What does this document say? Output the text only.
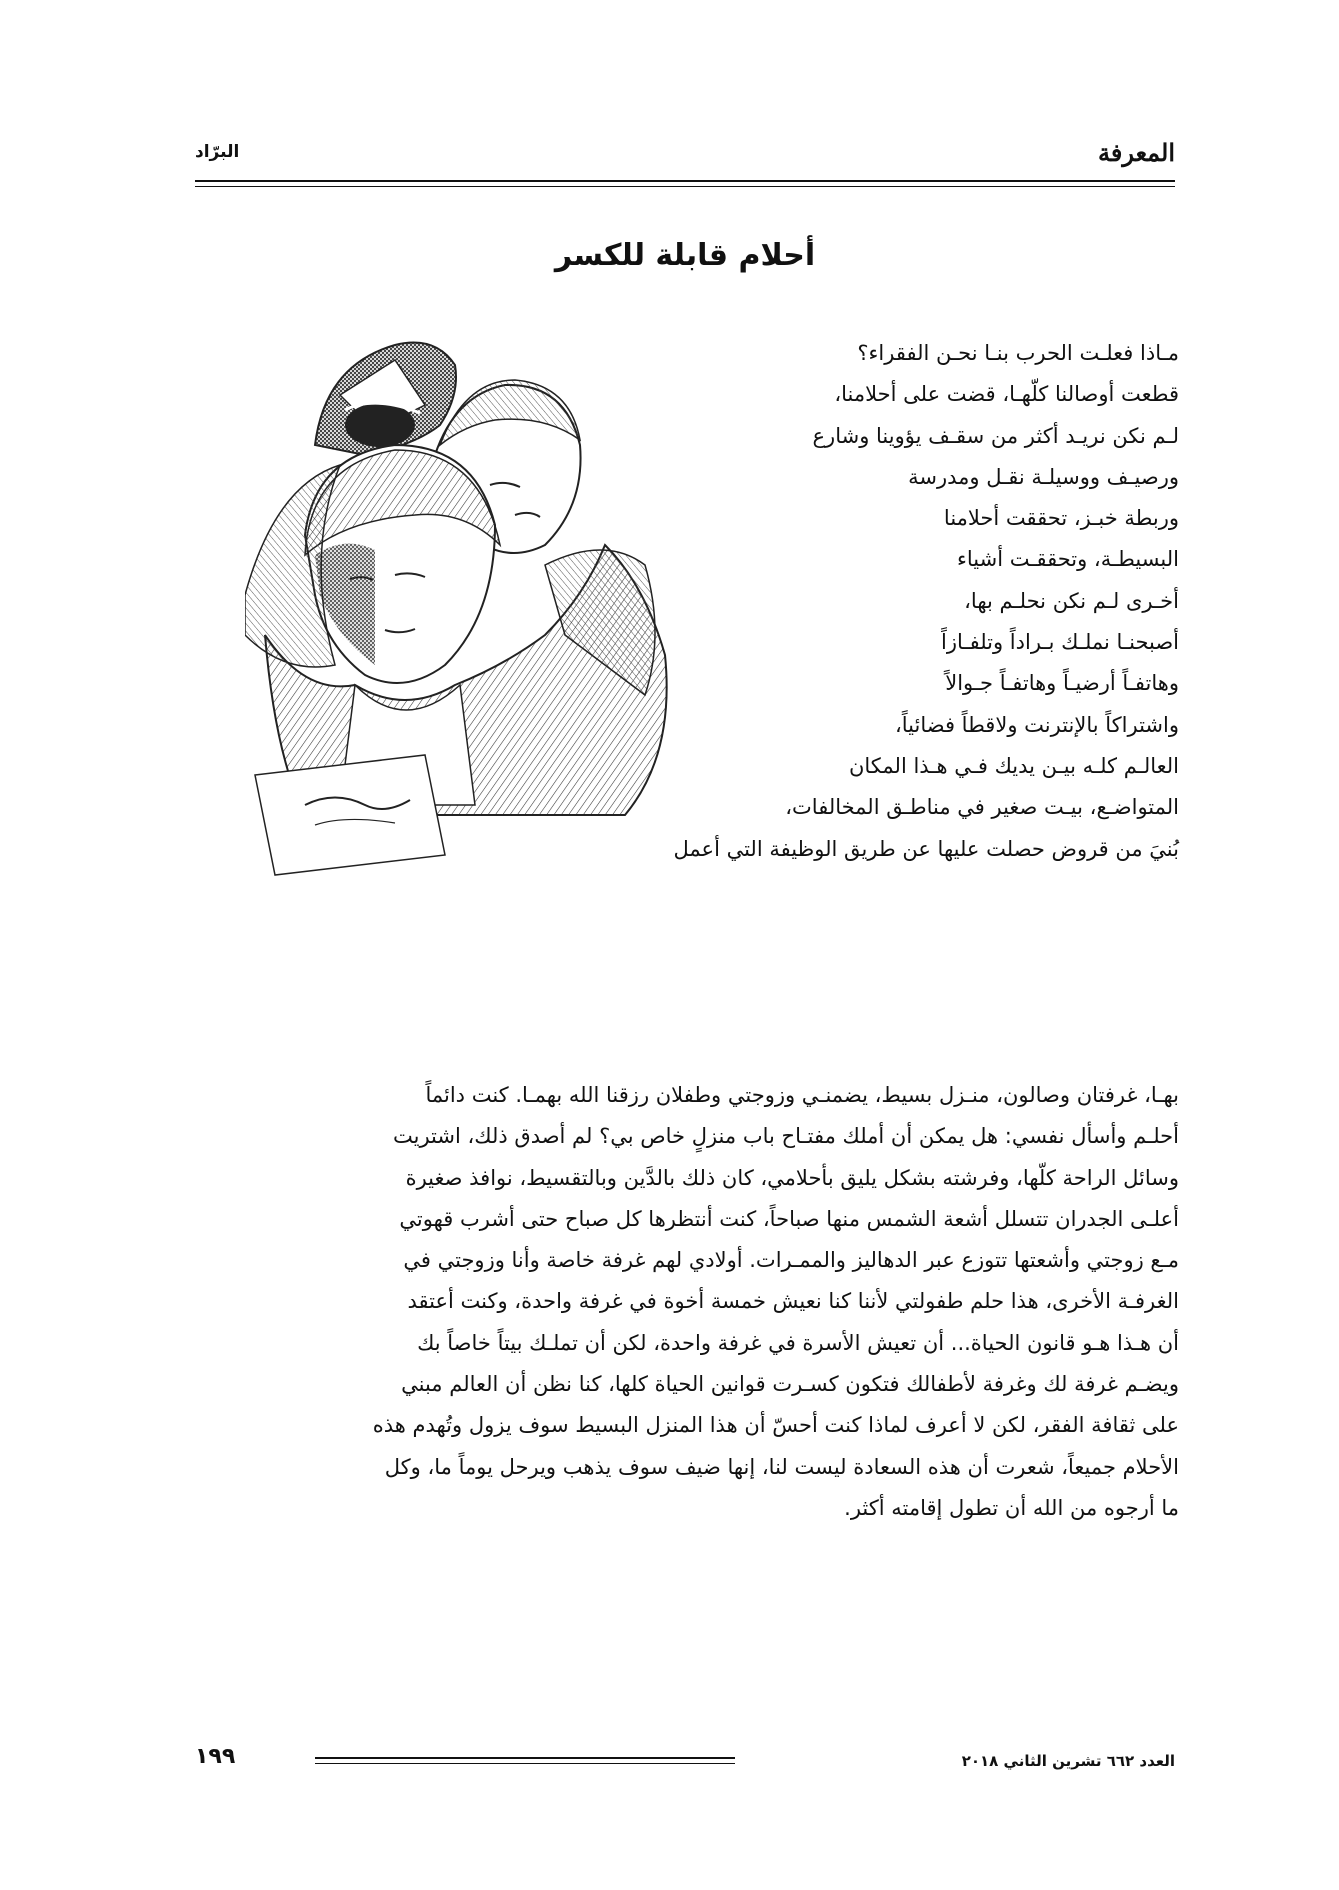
المعرفة
البرّاد
أحلام قابلة للكسر
مـاذا فعلـت الحرب بنـا نحـن الفقراء؟
قطعت أوصالنا كلّهـا، قضت على أحلامنا،
لـم نكن نريـد أكثر من سقـف يؤوينا وشارع
ورصيـف ووسيلـة نقـل ومدرسة
وربطة خبـز، تحققت أحلامنا
البسيطـة، وتحققـت أشياء
أخـرى لـم نكن نحلـم بها،
أصبحنـا نملـك بـراداً وتلفـازاً
وهاتفـاً أرضيـاً وهاتفـاً جـوالاً
واشتراكاً بالإنترنت ولاقطاً فضائياً،
العالـم كلـه بيـن يديك فـي هـذا المكان
المتواضـع، بيـت صغير في مناطـق المخالفات،
بُنيَ من قروض حصلت عليها عن طريق الوظيفة التي أعمل
بهـا، غرفتان وصالون، منـزل بسيط، يضمنـي وزوجتي وطفلان رزقنا الله بهمـا. كنت دائماً
أحلـم وأسأل نفسي: هل يمكن أن أملك مفتـاح باب منزلٍ خاص بي؟ لم أصدق ذلك، اشتريت
وسائل الراحة كلّها، وفرشته بشكل يليق بأحلامي، كان ذلك بالدَّين وبالتقسيط، نوافذ صغيرة
أعلـى الجدران تتسلل أشعة الشمس منها صباحاً، كنت أنتظرها كل صباح حتى أشرب قهوتي
مـع زوجتي وأشعتها تتوزع عبر الدهاليز والممـرات. أولادي لهم غرفة خاصة وأنا وزوجتي في
الغرفـة الأخرى، هذا حلم طفولتي لأننا كنا نعيش خمسة أخوة في غرفة واحدة، وكنت أعتقد
أن هـذا هـو قانون الحياة... أن تعيش الأسرة في غرفة واحدة، لكن أن تملـك بيتاً خاصاً بك
ويضـم غرفة لك وغرفة لأطفالك فتكون كسـرت قوانين الحياة كلها، كنا نظن أن العالم مبني
على ثقافة الفقر، لكن لا أعرف لماذا كنت أحسّ أن هذا المنزل البسيط سوف يزول وتُهدم هذه
الأحلام جميعاً، شعرت أن هذه السعادة ليست لنا، إنها ضيف سوف يذهب ويرحل يوماً ما، وكل
ما أرجوه من الله أن تطول إقامته أكثر.
العدد ٦٦٢ تشرين الثاني ٢٠١٨
١٩٩
